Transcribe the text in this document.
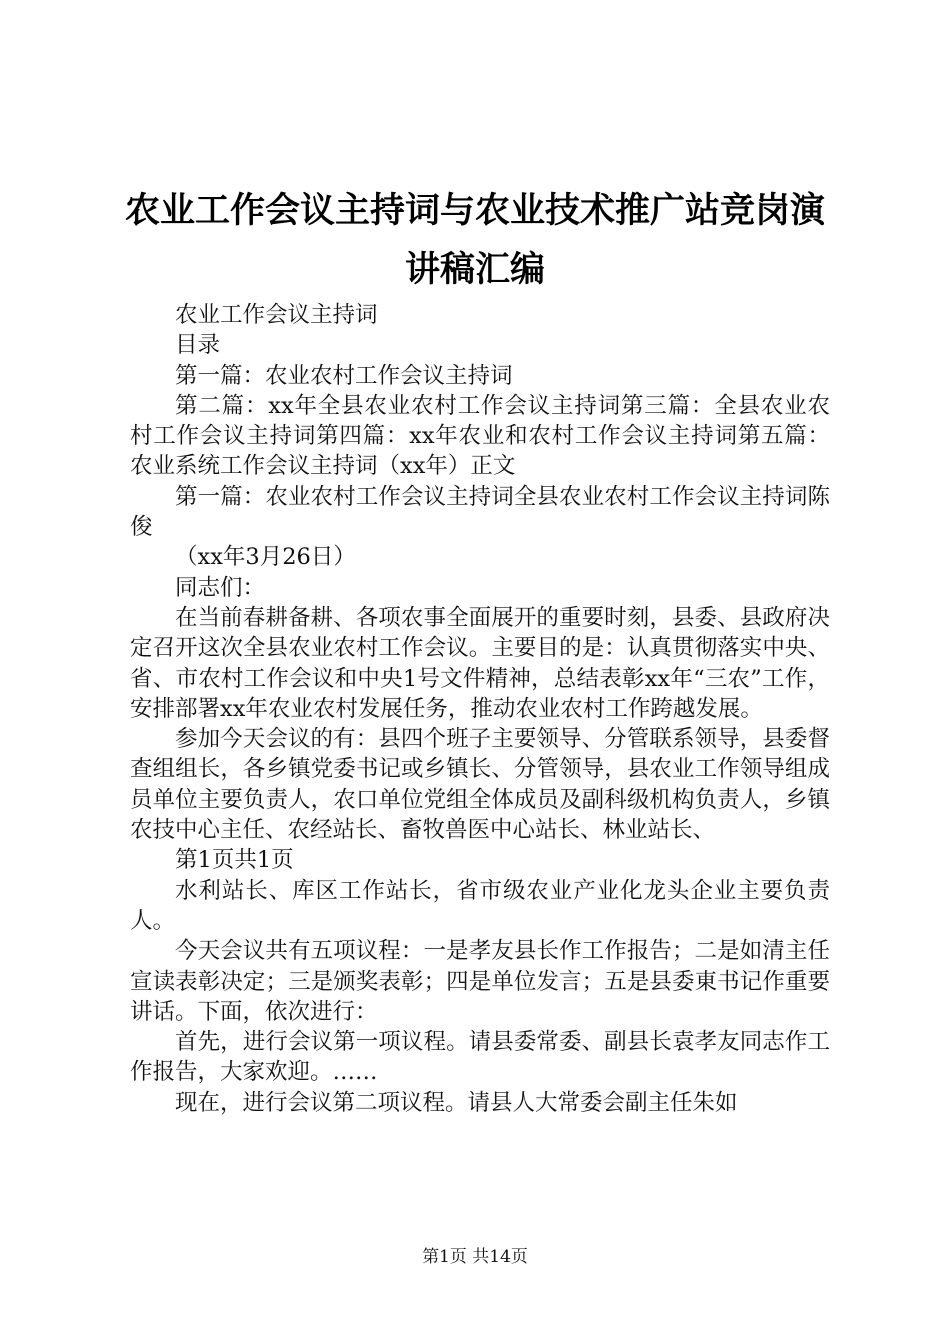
农业工作会议主持词与农业技术推广站竞岗演
讲稿汇编

农业工作会议主持词

目录

第一篇：农业农村工作会议主持词

第二篇：xx年全县农业农村工作会议主持词第三篇：全县农业农村工作会议主持词第四篇：xx年农业和农村工作会议主持词第五篇：农业系统工作会议主持词（xx年）正文

第一篇：农业农村工作会议主持词全县农业农村工作会议主持词陈俊

（xx年3月26日）

同志们：

在当前春耕备耕、各项农事全面展开的重要时刻，县委、县政府决定召开这次全县农业农村工作会议。主要目的是：认真贯彻落实中央、省、市农村工作会议和中央1号文件精神，总结表彰xx年“三农”工作，安排部署xx年农业农村发展任务，推动农业农村工作跨越发展。

参加今天会议的有：县四个班子主要领导、分管联系领导，县委督查组组长，各乡镇党委书记或乡镇长、分管领导，县农业工作领导组成员单位主要负责人，农口单位党组全体成员及副科级机构负责人，乡镇农技中心主任、农经站长、畜牧兽医中心站长、林业站长、

第1页共1页

水利站长、库区工作站长，省市级农业产业化龙头企业主要负责人。

今天会议共有五项议程：一是孝友县长作工作报告；二是如清主任宣读表彰决定；三是颁奖表彰；四是单位发言；五是县委東书记作重要讲话。下面，依次进行：

首先，进行会议第一项议程。请县委常委、副县长袁孝友同志作工作报告，大家欢迎。……

现在，进行会议第二项议程。请县人大常委会副主任朱如

第1页 共14页
